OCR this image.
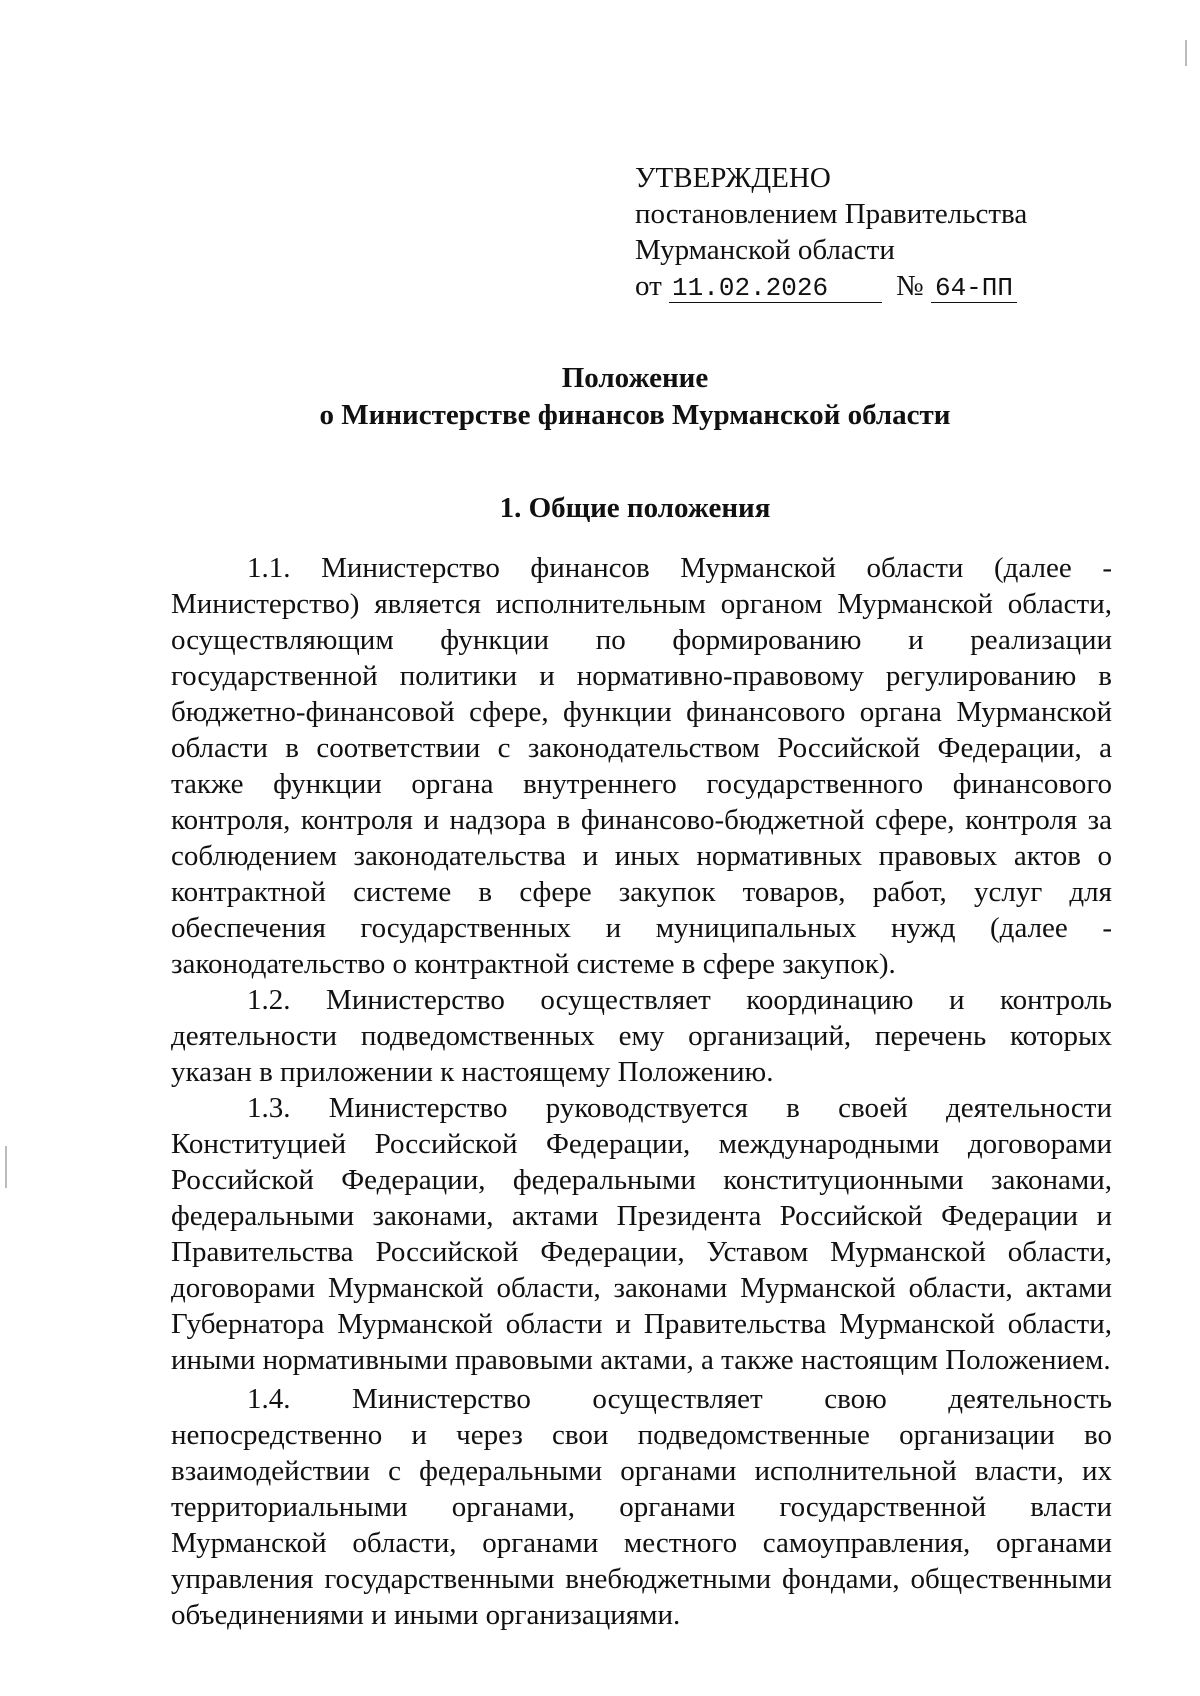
УТВЕРЖДЕНО
постановлением Правительства
Мурманской области
от 11.02.2026 № 64-ПП
Положение
о Министерстве финансов Мурманской области
1. Общие положения

1.1. Министерство финансов Мурманской области (далее - Министерство) является исполнительным органом Мурманской области, осуществляющим функции по формированию и реализации государственной политики и нормативно-правовому регулированию в бюджетно-финансовой сфере, функции финансового органа Мурманской области в соответствии с законодательством Российской Федерации, а также функции органа внутреннего государственного финансового контроля, контроля и надзора в финансово-бюджетной сфере, контроля за соблюдением законодательства и иных нормативных правовых актов о контрактной системе в сфере закупок товаров, работ, услуг для обеспечения государственных и муниципальных нужд (далее - законодательство о контрактной системе в сфере закупок).

1.2. Министерство осуществляет координацию и контроль деятельности подведомственных ему организаций, перечень которых указан в приложении к настоящему Положению.

1.3. Министерство руководствуется в своей деятельности Конституцией Российской Федерации, международными договорами Российской Федерации, федеральными конституционными законами, федеральными законами, актами Президента Российской Федерации и Правительства Российской Федерации, Уставом Мурманской области, договорами Мурманской области, законами Мурманской области, актами Губернатора Мурманской области и Правительства Мурманской области, иными нормативными правовыми актами, а также настоящим Положением.

1.4. Министерство осуществляет свою деятельность непосредственно и через свои подведомственные организации во взаимодействии с федеральными органами исполнительной власти, их территориальными органами, органами государственной власти Мурманской области, органами местного самоуправления, органами управления государственными внебюджетными фондами, общественными объединениями и иными организациями.
